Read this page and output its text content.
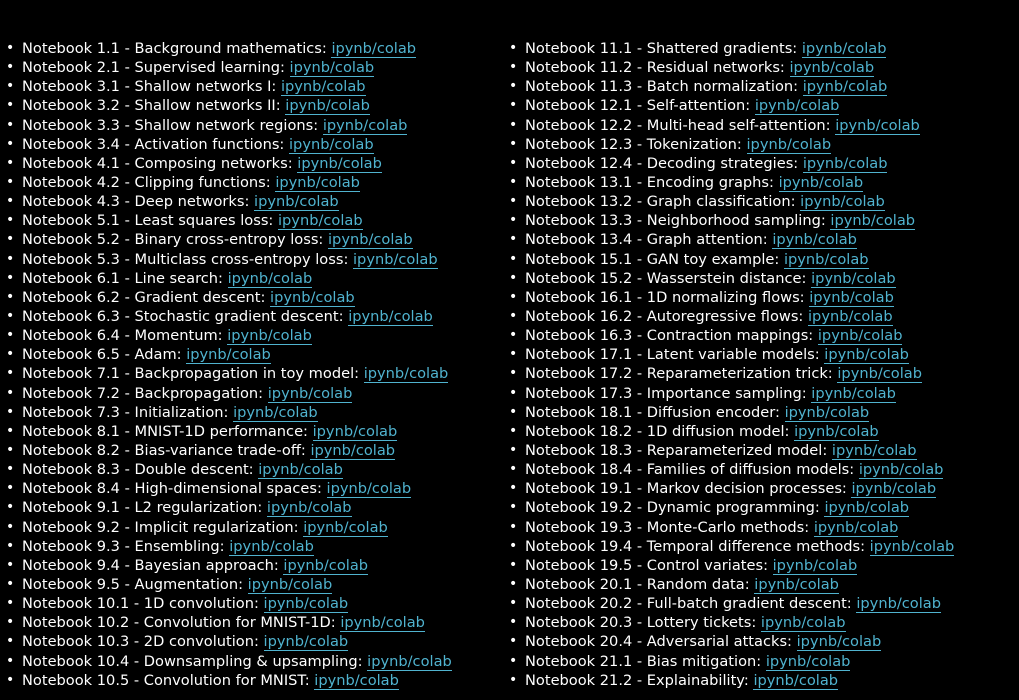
• Notebook 1.1 - Background mathematics: ipynb/colab
• Notebook 2.1 - Supervised learning: ipynb/colab
• Notebook 3.1 - Shallow networks I: ipynb/colab
• Notebook 3.2 - Shallow networks II: ipynb/colab
• Notebook 3.3 - Shallow network regions: ipynb/colab
• Notebook 3.4 - Activation functions: ipynb/colab
• Notebook 4.1 - Composing networks: ipynb/colab
• Notebook 4.2 - Clipping functions: ipynb/colab
• Notebook 4.3 - Deep networks: ipynb/colab
• Notebook 5.1 - Least squares loss: ipynb/colab
• Notebook 5.2 - Binary cross-entropy loss: ipynb/colab
• Notebook 5.3 - Multiclass cross-entropy loss: ipynb/colab
• Notebook 6.1 - Line search: ipynb/colab
• Notebook 6.2 - Gradient descent: ipynb/colab
• Notebook 6.3 - Stochastic gradient descent: ipynb/colab
• Notebook 6.4 - Momentum: ipynb/colab
• Notebook 6.5 - Adam: ipynb/colab
• Notebook 7.1 - Backpropagation in toy model: ipynb/colab
• Notebook 7.2 - Backpropagation: ipynb/colab
• Notebook 7.3 - Initialization: ipynb/colab
• Notebook 8.1 - MNIST-1D performance: ipynb/colab
• Notebook 8.2 - Bias-variance trade-off: ipynb/colab
• Notebook 8.3 - Double descent: ipynb/colab
• Notebook 8.4 - High-dimensional spaces: ipynb/colab
• Notebook 9.1 - L2 regularization: ipynb/colab
• Notebook 9.2 - Implicit regularization: ipynb/colab
• Notebook 9.3 - Ensembling: ipynb/colab
• Notebook 9.4 - Bayesian approach: ipynb/colab
• Notebook 9.5 - Augmentation: ipynb/colab
• Notebook 10.1 - 1D convolution: ipynb/colab
• Notebook 10.2 - Convolution for MNIST-1D: ipynb/colab
• Notebook 10.3 - 2D convolution: ipynb/colab
• Notebook 10.4 - Downsampling & upsampling: ipynb/colab
• Notebook 10.5 - Convolution for MNIST: ipynb/colab
• Notebook 11.1 - Shattered gradients: ipynb/colab
• Notebook 11.2 - Residual networks: ipynb/colab
• Notebook 11.3 - Batch normalization: ipynb/colab
• Notebook 12.1 - Self-attention: ipynb/colab
• Notebook 12.2 - Multi-head self-attention: ipynb/colab
• Notebook 12.3 - Tokenization: ipynb/colab
• Notebook 12.4 - Decoding strategies: ipynb/colab
• Notebook 13.1 - Encoding graphs: ipynb/colab
• Notebook 13.2 - Graph classification: ipynb/colab
• Notebook 13.3 - Neighborhood sampling: ipynb/colab
• Notebook 13.4 - Graph attention: ipynb/colab
• Notebook 15.1 - GAN toy example: ipynb/colab
• Notebook 15.2 - Wasserstein distance: ipynb/colab
• Notebook 16.1 - 1D normalizing flows: ipynb/colab
• Notebook 16.2 - Autoregressive flows: ipynb/colab
• Notebook 16.3 - Contraction mappings: ipynb/colab
• Notebook 17.1 - Latent variable models: ipynb/colab
• Notebook 17.2 - Reparameterization trick: ipynb/colab
• Notebook 17.3 - Importance sampling: ipynb/colab
• Notebook 18.1 - Diffusion encoder: ipynb/colab
• Notebook 18.2 - 1D diffusion model: ipynb/colab
• Notebook 18.3 - Reparameterized model: ipynb/colab
• Notebook 18.4 - Families of diffusion models: ipynb/colab
• Notebook 19.1 - Markov decision processes: ipynb/colab
• Notebook 19.2 - Dynamic programming: ipynb/colab
• Notebook 19.3 - Monte-Carlo methods: ipynb/colab
• Notebook 19.4 - Temporal difference methods: ipynb/colab
• Notebook 19.5 - Control variates: ipynb/colab
• Notebook 20.1 - Random data: ipynb/colab
• Notebook 20.2 - Full-batch gradient descent: ipynb/colab
• Notebook 20.3 - Lottery tickets: ipynb/colab
• Notebook 20.4 - Adversarial attacks: ipynb/colab
• Notebook 21.1 - Bias mitigation: ipynb/colab
• Notebook 21.2 - Explainability: ipynb/colab
